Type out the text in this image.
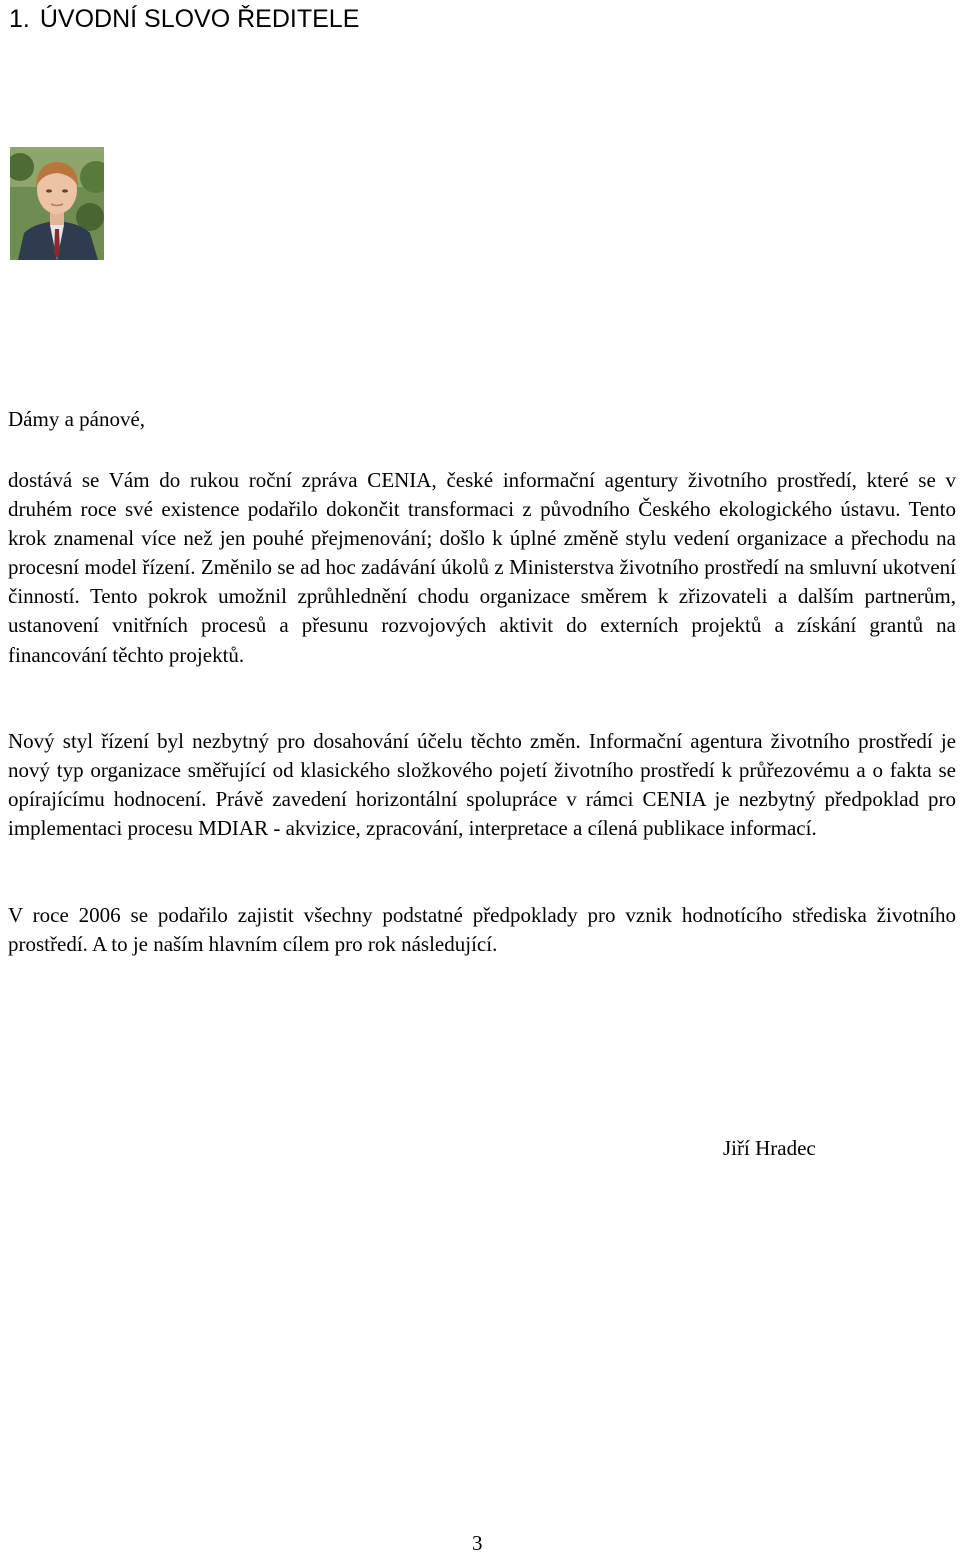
1. ÚVODNÍ SLOVO ŘEDITELE

Dámy a pánové,

dostává se Vám do rukou roční zpráva CENIA, české informační agentury životního prostředí, které se v druhém roce své existence podařilo dokončit transformaci z původního Českého ekologického ústavu. Tento krok znamenal více než jen pouhé přejmenování; došlo k úplné změně stylu vedení organizace a přechodu na procesní model řízení. Změnilo se ad hoc zadávání úkolů z Ministerstva životního prostředí na smluvní ukotvení činností. Tento pokrok umožnil zprůhlednění chodu organizace směrem k zřizovateli a dalším partnerům, ustanovení vnitřních procesů a přesunu rozvojových aktivit do externích projektů a získání grantů na financování těchto projektů.

Nový styl řízení byl nezbytný pro dosahování účelu těchto změn. Informační agentura životního prostředí je nový typ organizace směřující od klasického složkového pojetí životního prostředí k průřezovému a o fakta se opírajícímu hodnocení. Právě zavedení horizontální spolupráce v rámci CENIA je nezbytný předpoklad pro implementaci procesu MDIAR - akvizice, zpracování, interpretace a cílená publikace informací.

V roce 2006 se podařilo zajistit všechny podstatné předpoklady pro vznik hodnotícího střediska životního prostředí. A to je naším hlavním cílem pro rok následující.

Jiří Hradec

3
